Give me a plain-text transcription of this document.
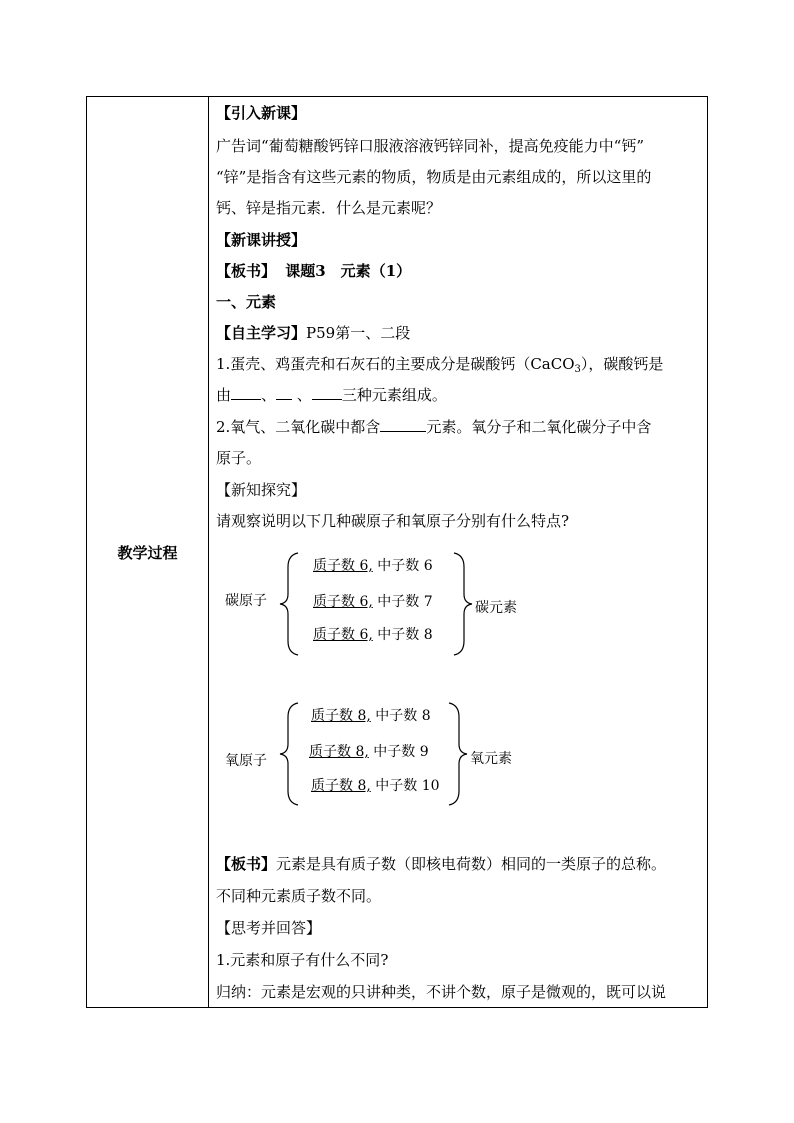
教学过程
【引入新课】
广告词“葡萄糖酸钙锌口服液溶液钙锌同补，提高免疫能力中“钙”
“锌”是指含有这些元素的物质，物质是由元素组成的，所以这里的
钙、锌是指元素．什么是元素呢？
【新课讲授】
【板书】 课题3　元素（1）
一、元素
【自主学习】P59第一、二段
1.蛋壳、鸡蛋壳和石灰石的主要成分是碳酸钙（CaCO$_3$），碳酸钙是
由 、 、 三种元素组成。
2.氧气、二氧化碳中都含	元素。氧分子和二氧化碳分子中含
原子。
【新知探究】
请观察说明以下几种碳原子和氧原子分别有什么特点?
碳原子
质子数 6, 中子数 6
质子数 6, 中子数 7
质子数 6, 中子数 8
碳元素
氧原子
质子数 8, 中子数 8
质子数 8, 中子数 9
质子数 8, 中子数 10
氧元素
【板书】元素是具有质子数（即核电荷数）相同的一类原子的总称。
不同种元素质子数不同。
【思考并回答】
1.元素和原子有什么不同?
归纳：元素是宏观的只讲种类，不讲个数，原子是微观的，既可以说
